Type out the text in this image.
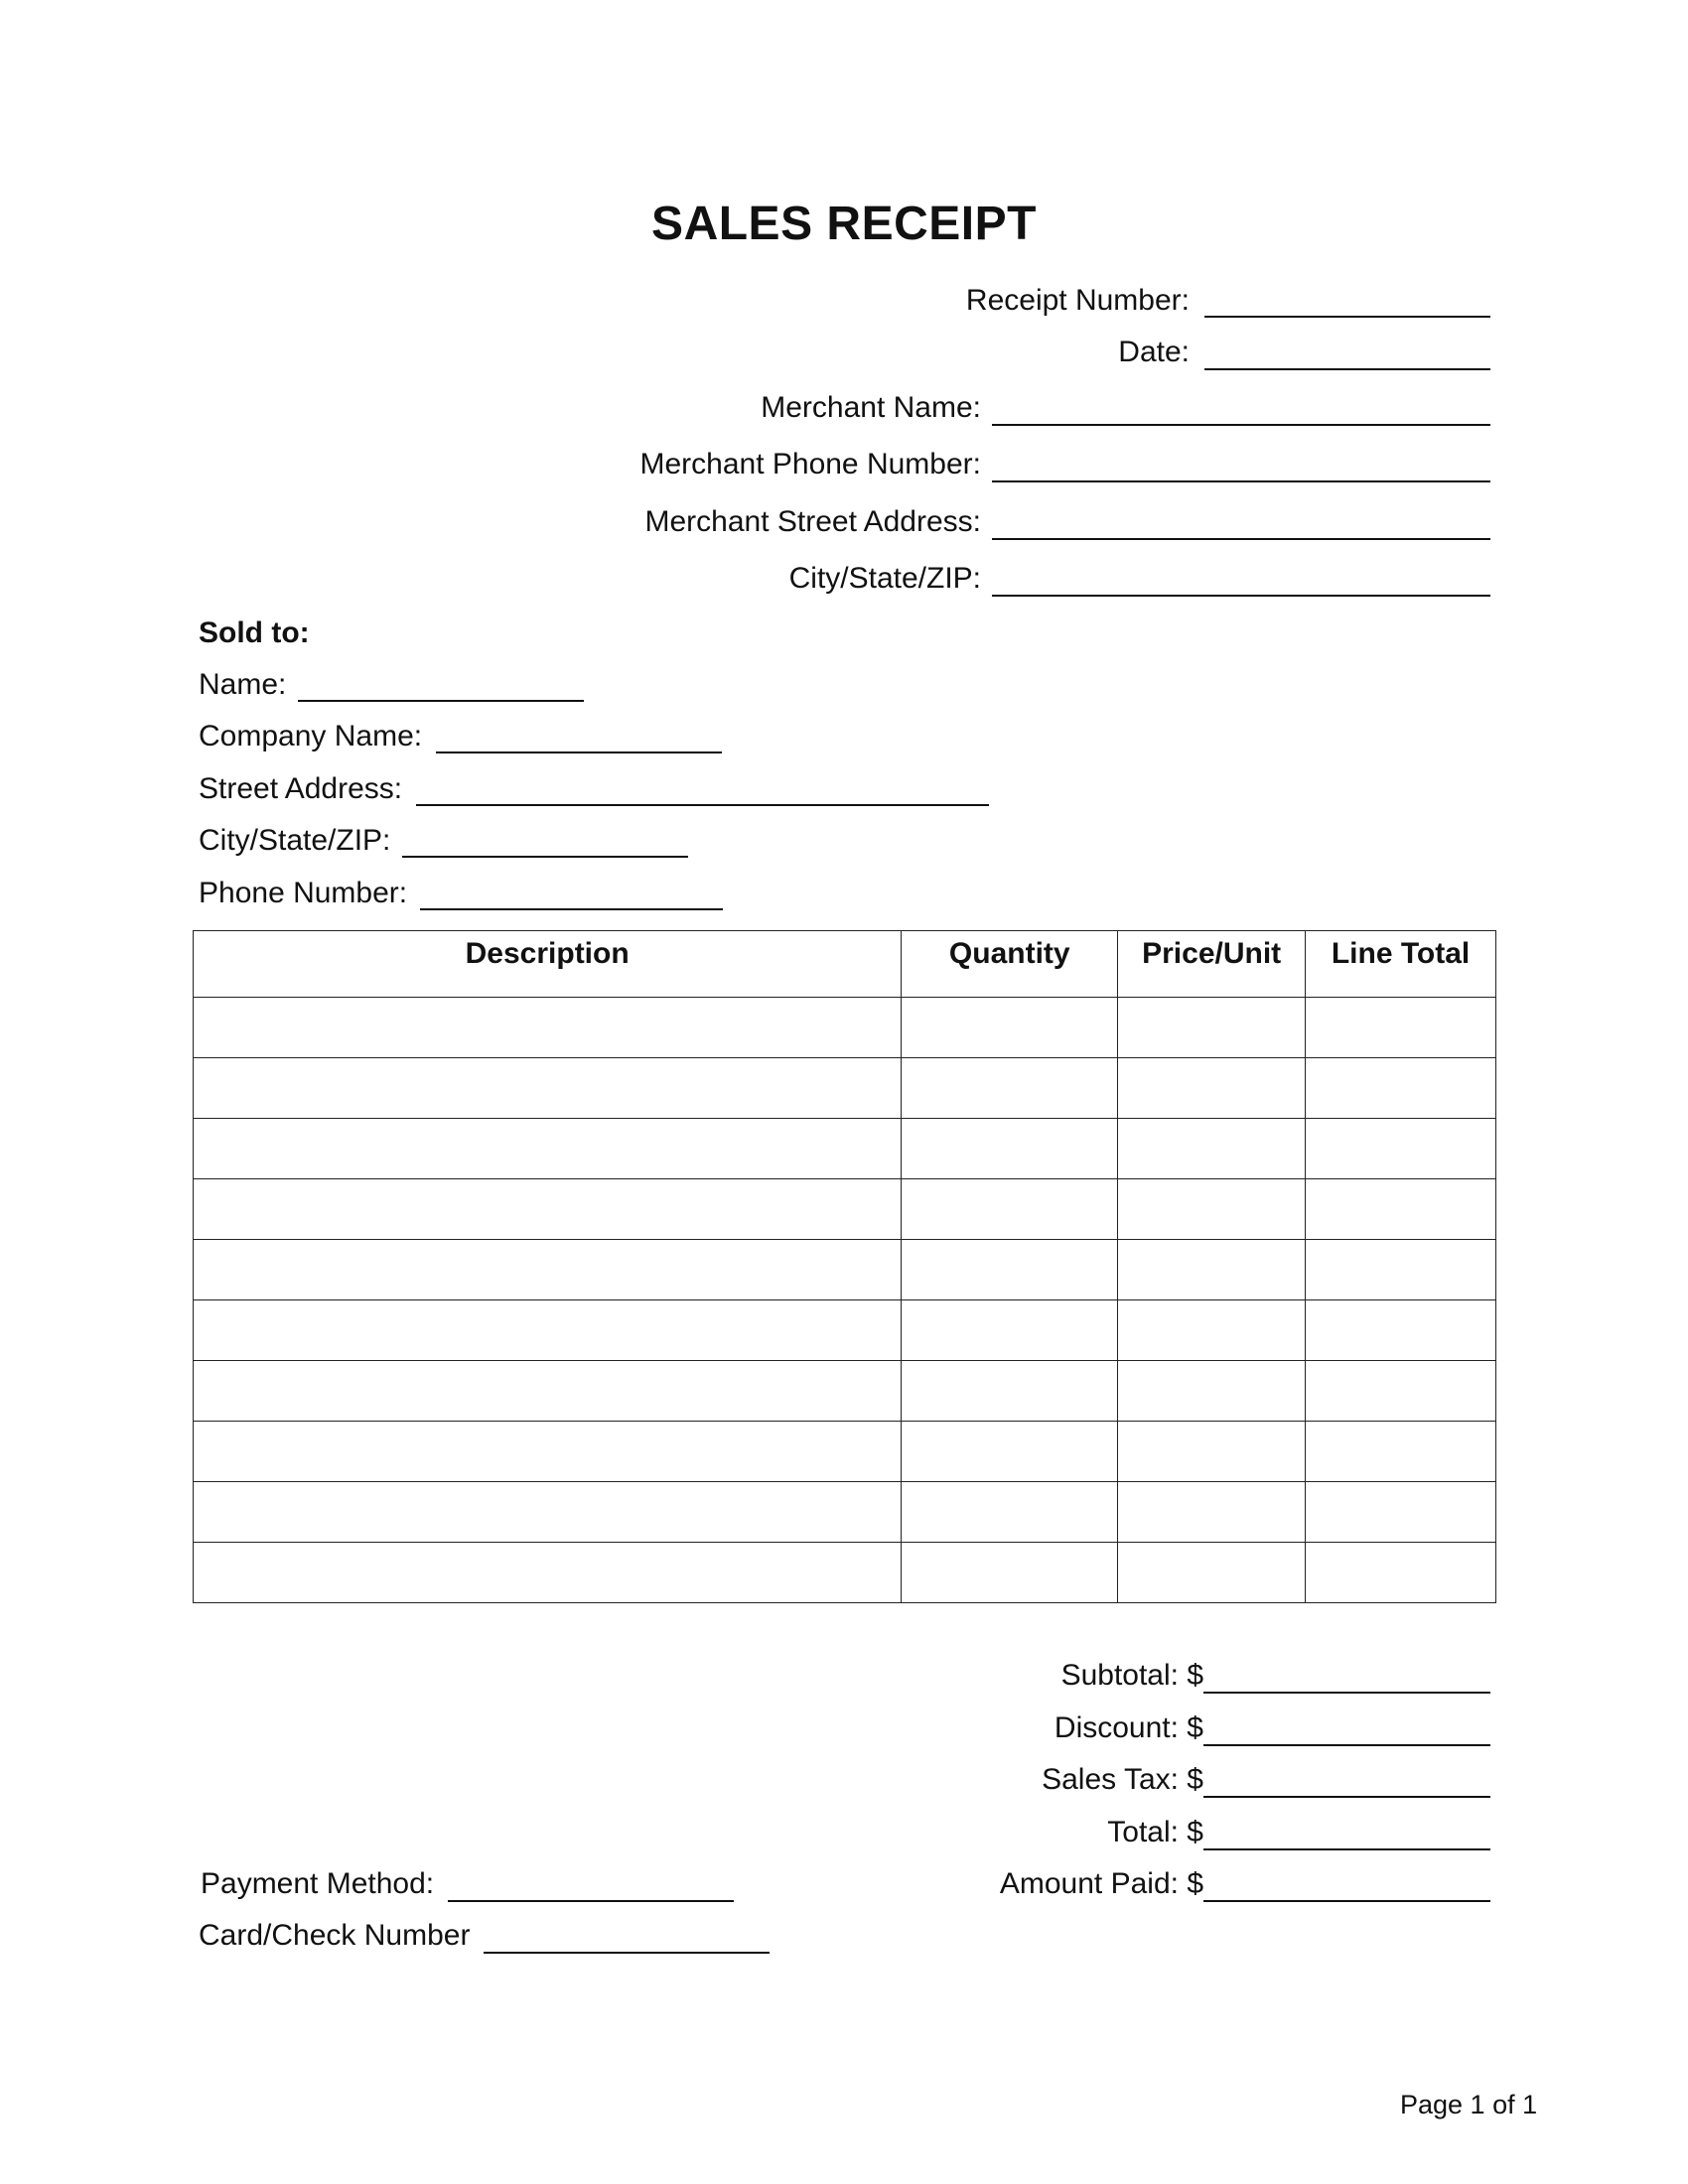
SALES RECEIPT
Receipt Number:
Date:
Merchant Name:
Merchant Phone Number:
Merchant Street Address:
City/State/ZIP:
Sold to:
Name:
Company Name:
Street Address:
City/State/ZIP:
Phone Number:
Description	Quantity	Price/Unit	Line Total

Subtotal: $
Discount: $
Sales Tax: $
Total: $
Amount Paid: $
Payment Method:
Card/Check Number
Page 1 of 1
